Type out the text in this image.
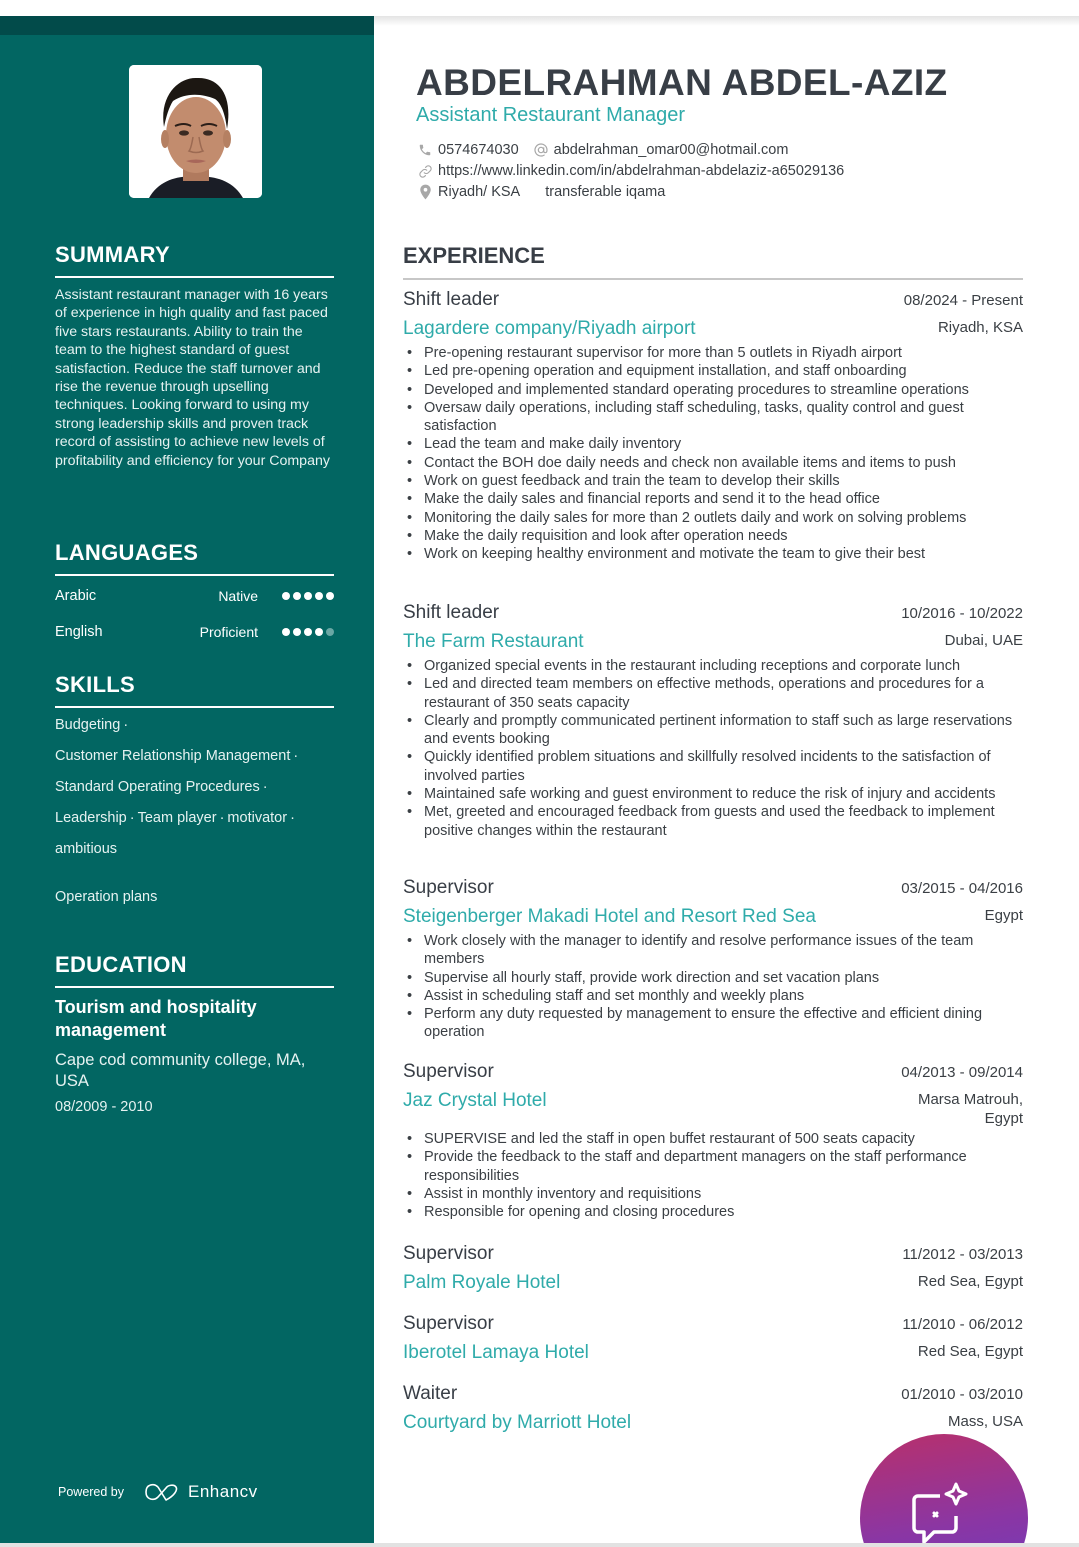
SUMMARY

Assistant restaurant manager with 16 years of experience in high quality and fast paced five stars restaurants. Ability to train the team to the highest standard of guest satisfaction. Reduce the staff turnover and rise the revenue through upselling techniques. Looking forward to using my strong leadership skills and proven track record of assisting to achieve new levels of profitability and efficiency for your Company

LANGUAGES
Arabic	Native
English	Proficient
SKILLS
Budgeting ·
Customer Relationship Management ·
Standard Operating Procedures ·
Leadership · Team player · motivator ·
ambitious
Operation plans
EDUCATION
Tourism and hospitality management
Cape cod community college, MA, USA
08/2009 - 2010
Powered by	Enhancv
ABDELRAHMAN ABDEL-AZIZ
Assistant Restaurant Manager
0574674030 abdelrahman_omar00@hotmail.com
https://www.linkedin.com/in/abdelrahman-abdelaziz-a65029136
Riyadh/ KSA transferable iqama
EXPERIENCE
Shift leader	08/2024 - Present
Lagardere company/Riyadh airport	Riyadh, KSA
• Pre-opening restaurant supervisor for more than 5 outlets in Riyadh airport
• Led pre-opening operation and equipment installation, and staff onboarding
• Developed and implemented standard operating procedures to streamline operations
• Oversaw daily operations, including staff scheduling, tasks, quality control and guest satisfaction
• Lead the team and make daily inventory
• Contact the BOH doe daily needs and check non available items and items to push
• Work on guest feedback and train the team to develop their skills
• Make the daily sales and financial reports and send it to the head office
• Monitoring the daily sales for more than 2 outlets daily and work on solving problems
• Make the daily requisition and look after operation needs
• Work on keeping healthy environment and motivate the team to give their best
Shift leader	10/2016 - 10/2022
The Farm Restaurant	Dubai, UAE
• Organized special events in the restaurant including receptions and corporate lunch
• Led and directed team members on effective methods, operations and procedures for a restaurant of 350 seats capacity
• Clearly and promptly communicated pertinent information to staff such as large reservations and events booking
• Quickly identified problem situations and skillfully resolved incidents to the satisfaction of involved parties
• Maintained safe working and guest environment to reduce the risk of injury and accidents
• Met, greeted and encouraged feedback from guests and used the feedback to implement positive changes within the restaurant
Supervisor	03/2015 - 04/2016
Steigenberger Makadi Hotel and Resort Red Sea	Egypt
• Work closely with the manager to identify and resolve performance issues of the team members
• Supervise all hourly staff, provide work direction and set vacation plans
• Assist in scheduling staff and set monthly and weekly plans
• Perform any duty requested by management to ensure the effective and efficient dining operation
Supervisor	04/2013 - 09/2014
Jaz Crystal Hotel	Marsa Matrouh, Egypt
• SUPERVISE and led the staff in open buffet restaurant of 500 seats capacity
• Provide the feedback to the staff and department managers on the staff performance responsibilities
• Assist in monthly inventory and requisitions
• Responsible for opening and closing procedures
Supervisor	11/2012 - 03/2013
Palm Royale Hotel	Red Sea, Egypt
Supervisor	11/2010 - 06/2012
Iberotel Lamaya Hotel	Red Sea, Egypt
Waiter	01/2010 - 03/2010
Courtyard by Marriott Hotel	Mass, USA
